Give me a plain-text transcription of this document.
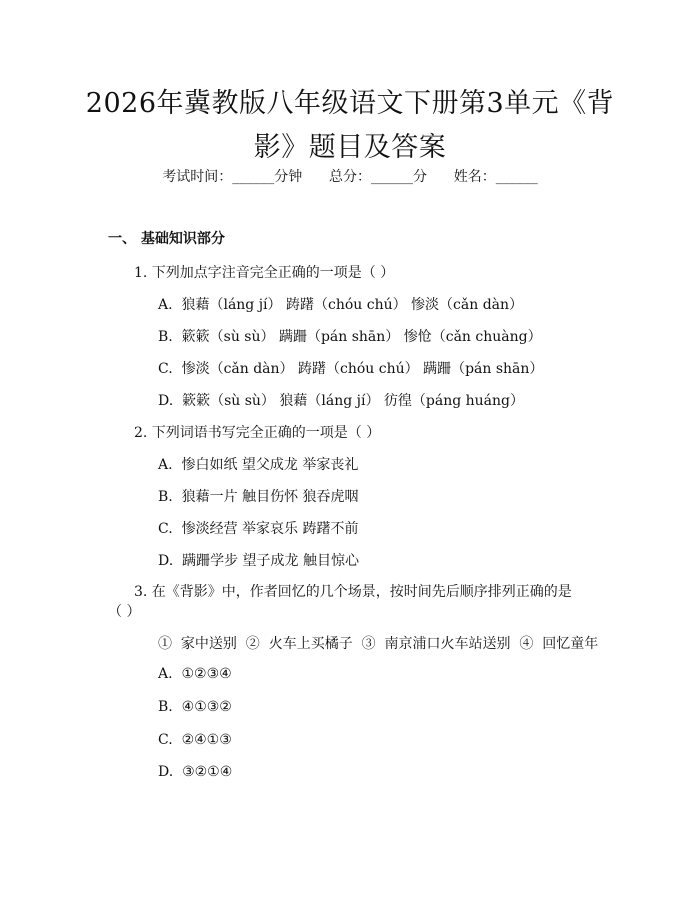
2026年冀教版八年级语文下册第3单元《背
影》题目及答案
考试时间：______分钟 总分：______分 姓名：______
一、 基础知识部分
1. 下列加点字注音完全正确的一项是（ ）
A.  狼藉（láng jí） 踌躇（chóu chú） 惨淡（cǎn dàn）
B.  簌簌（sù sù） 蹒跚（pán shān） 惨怆（cǎn chuàng）
C.  惨淡（cǎn dàn） 踌躇（chóu chú） 蹒跚（pán shān）
D.  簌簌（sù sù） 狼藉（láng jí） 彷徨（páng huáng）
2. 下列词语书写完全正确的一项是（ ）
A.  惨白如纸 望父成龙 举家丧礼
B.  狼藉一片 触目伤怀 狼吞虎咽
C.  惨淡经营 举家哀乐 踌躇不前
D.  蹒跚学步 望子成龙 触目惊心
3. 在《背影》中，作者回忆的几个场景，按时间先后顺序排列正确的是
（ ）
①  家中送别  ②  火车上买橘子  ③  南京浦口火车站送别  ④  回忆童年
A.  ①②③④
B.  ④①③②
C.  ②④①③
D.  ③②①④
